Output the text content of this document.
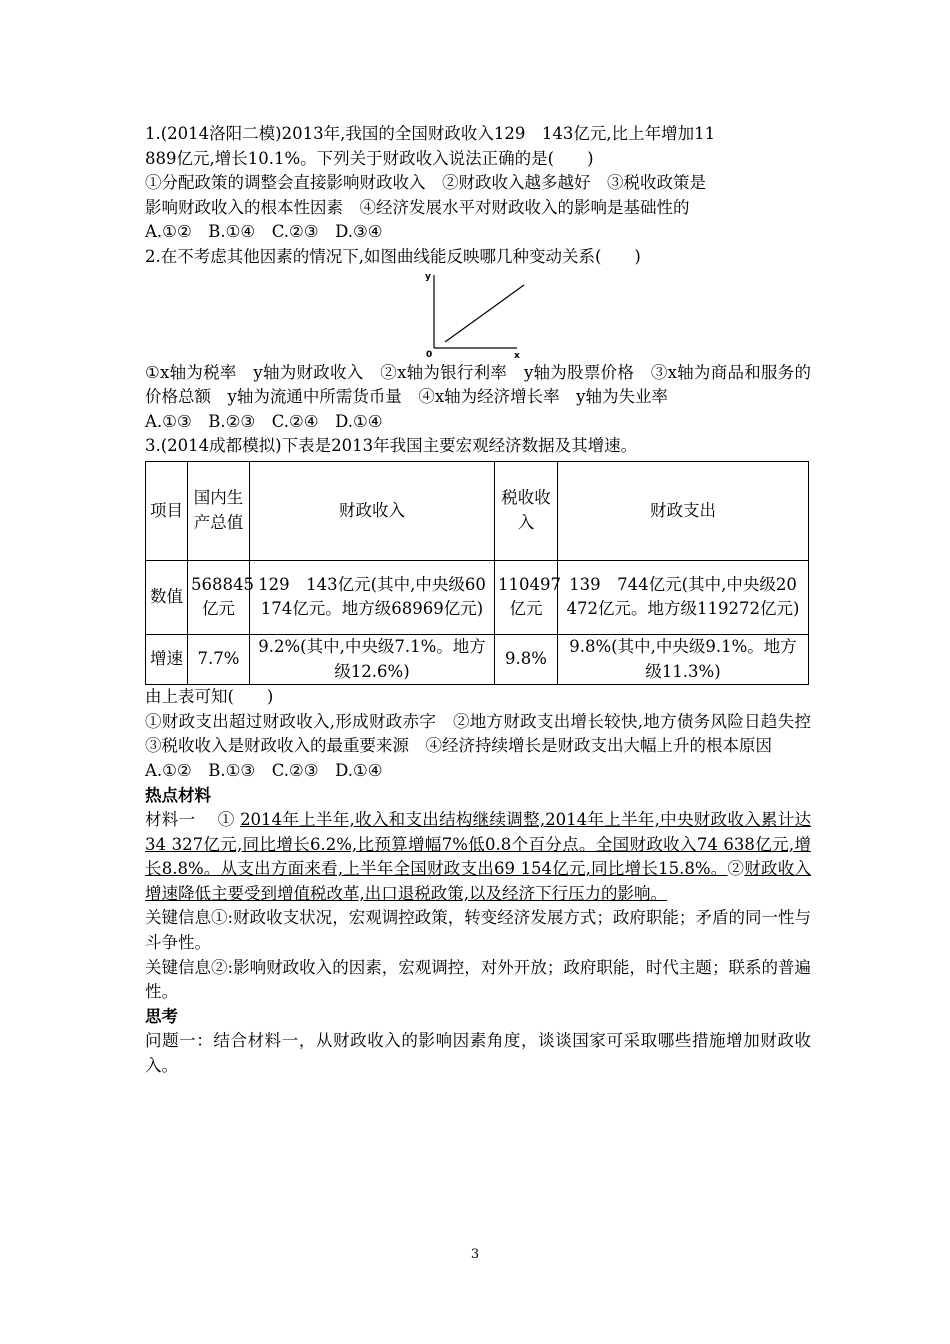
1.(2014洛阳二模)2013年,我国的全国财政收入129　143亿元,比上年增加11
889亿元,增长10.1%。下列关于财政收入说法正确的是(　　)
①分配政策的调整会直接影响财政收入　②财政收入越多越好　③税收政策是
影响财政收入的根本性因素　④经济发展水平对财政收入的影响是基础性的
A.①②　B.①④　C.②③　D.③④
2.在不考虑其他因素的情况下,如图曲线能反映哪几种变动关系(　　)
y
x
0
①x轴为税率　y轴为财政收入　②x轴为银行利率　y轴为股票价格　③x轴为商品和服务的价格总额　y轴为流通中所需货币量　④x轴为经济增长率　y轴为失业率
A.①③　B.②③　C.②④　D.①④
3.(2014成都模拟)下表是2013年我国主要宏观经济数据及其增速。
项目	国内生产总值	财政收入	税收收入	财政支出
数值	568845亿元	129　143亿元(其中,中央级60　174亿元。地方级68969亿元)	110497亿元	139　744亿元(其中,中央级20　472亿元。地方级119272亿元)
增速	7.7%	9.2%(其中,中央级7.1%。地方级12.6%)	9.8%	9.8%(其中,中央级9.1%。地方级11.3%)
由上表可知(　　)
①财政支出超过财政收入,形成财政赤字　②地方财政支出增长较快,地方债务风险日趋失控　③税收收入是财政收入的最重要来源　④经济持续增长是财政支出大幅上升的根本原因
A.①②　B.①③　C.②③　D.①④
热点材料
材料一 ① 2014年上半年,收入和支出结构继续调整,2014年上半年,中央财政收入累计达34 327亿元,同比增长6.2%,比预算增幅7%低0.8个百分点。全国财政收入74 638亿元,增长8.8%。从支出方面来看,上半年全国财政支出69 154亿元,同比增长15.8%。②财政收入增速降低主要受到增值税改革,出口退税政策,以及经济下行压力的影响。
关键信息①:财政收支状况，宏观调控政策，转变经济发展方式；政府职能；矛盾的同一性与斗争性。
关键信息②:影响财政收入的因素，宏观调控，对外开放；政府职能，时代主题；联系的普遍性。
思考
问题一：结合材料一，从财政收入的影响因素角度，谈谈国家可采取哪些措施增加财政收入。
3
